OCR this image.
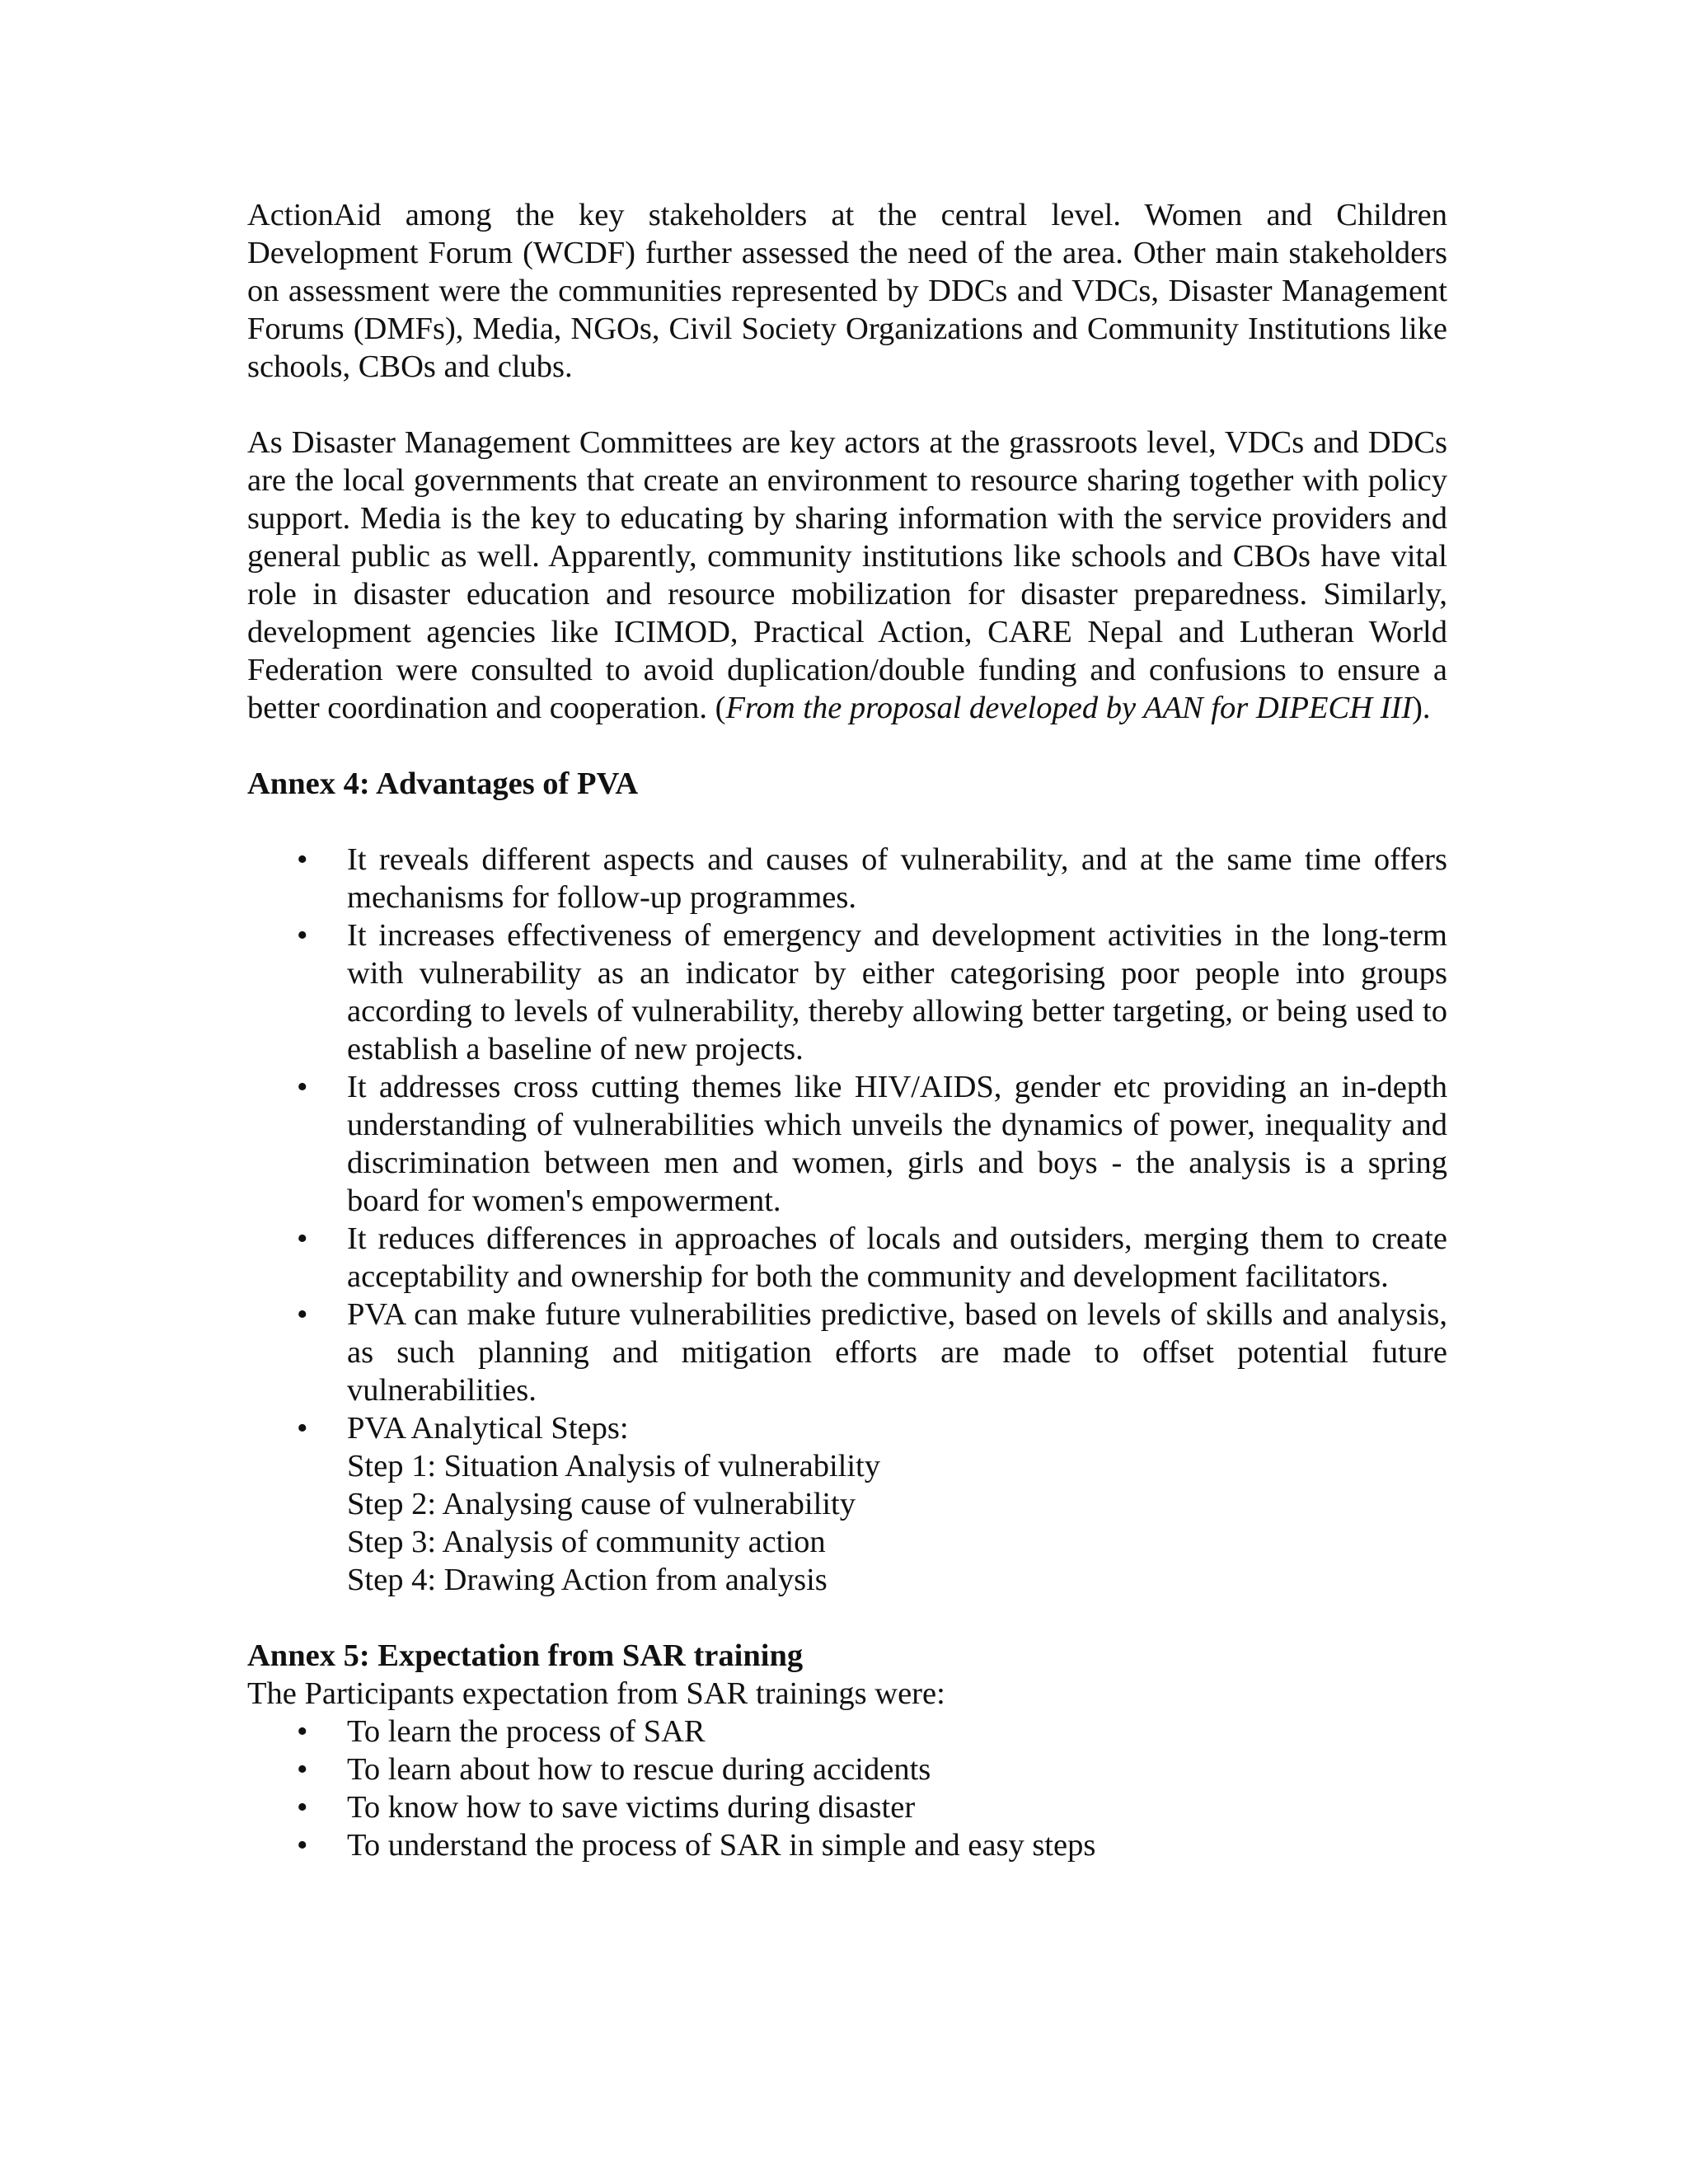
ActionAid among the key stakeholders at the central level. Women and Children Development Forum (WCDF) further assessed the need of the area. Other main stakeholders on assessment were the communities represented by DDCs and VDCs, Disaster Management Forums (DMFs), Media, NGOs, Civil Society Organizations and Community Institutions like schools, CBOs and clubs.

As Disaster Management Committees are key actors at the grassroots level, VDCs and DDCs are the local governments that create an environment to resource sharing together with policy support. Media is the key to educating by sharing information with the service providers and general public as well. Apparently, community institutions like schools and CBOs have vital role in disaster education and resource mobilization for disaster preparedness. Similarly, development agencies like ICIMOD, Practical Action, CARE Nepal and Lutheran World Federation were consulted to avoid duplication/double funding and confusions to ensure a better coordination and cooperation. (From the proposal developed by AAN for DIPECH III).

Annex 4: Advantages of PVA
•	It reveals different aspects and causes of vulnerability, and at the same time offers mechanisms for follow-up programmes.
•	It increases effectiveness of emergency and development activities in the long-term with vulnerability as an indicator by either categorising poor people into groups according to levels of vulnerability, thereby allowing better targeting, or being used to establish a baseline of new projects.
•	It addresses cross cutting themes like HIV/AIDS, gender etc providing an in-depth understanding of vulnerabilities which unveils the dynamics of power, inequality and discrimination between men and women, girls and boys - the analysis is a spring board for women's empowerment.
•	It reduces differences in approaches of locals and outsiders, merging them to create acceptability and ownership for both the community and development facilitators.
•	PVA can make future vulnerabilities predictive, based on levels of skills and analysis, as such planning and mitigation efforts are made to offset potential future vulnerabilities.
•	PVA Analytical Steps:
Step 1: Situation Analysis of vulnerability
Step 2: Analysing cause of vulnerability
Step 3: Analysis of community action
Step 4: Drawing Action from analysis
Annex 5: Expectation from SAR training

The Participants expectation from SAR trainings were:

•	To learn the process of SAR
•	To learn about how to rescue during accidents
•	To know how to save victims during disaster
•	To understand the process of SAR in simple and easy steps
